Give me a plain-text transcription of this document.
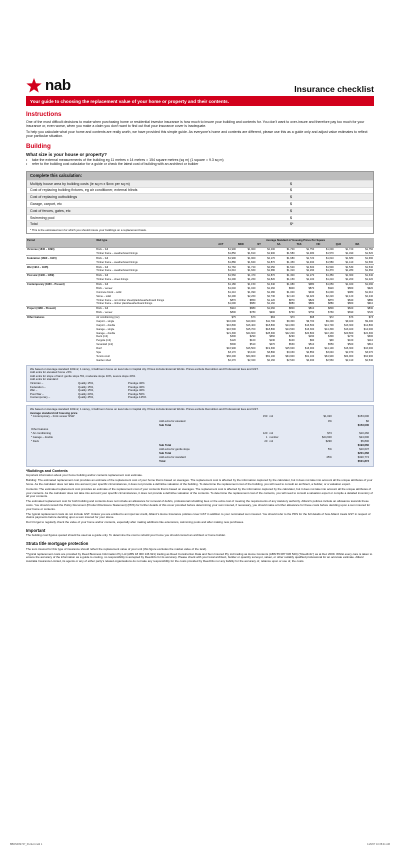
nab	Insurance checklist
Your guide to choosing the replacement value of your home or property and their contents.
Instructions

One of the most difficult decisions to make when purchasing home or residential investor insurance is how much to insure your building and contents for. You don't want to over-insure and therefore pay too much for your insurance or, even worse, when you make a claim you don't want to find out that your insurance cover is inadequate.

To help you calculate what your home and contents are really worth, we have provided this simple guide. As everyone's home and contents are different, please use this as a guide only and adjust value estimates to reflect your particular situation.

Building
What size is your house or property?
•	take the external measurements of the building eg 11 metres x 14 metres = 154 square metres (sq m) (1 square = 9.3 sq m)
•	refer to the building cost calculator for a guide or check the latest cost of building with an architect or builder
Complete this calculation:
Multiply house area by building costs (ie sq m x $xxx per sq m)	$
Cost of replacing building fixtures, eg air conditioner, external blinds	$
Cost of replacing outbuildings	$
Garage, carport, etc	$
Cost of fences, gates, etc	$
Swimming pool	$
Total	$*
* This is the estimated sum for which you should insure your buildings on a replacement basis.
Period	Wall type	Average Standard m² Housing Prices Per Square							
		ACT	NSW	NT	SA	TAS	VIC	QLD	WA
Victorian (1840 – 1890)	Brick – full	$1,990	$1,900	$2,200	$1,700	$1,750	$1,600	$1,720	$1,750
	Timber frame – weatherboard linings	$1,850	$1,810	$1,900	$1,580	$1,480	$1,570	$1,490	$1,520
Federation (1890 – 1915)	Brick – full	$1,990	$1,900	$2,170	$1,680	$1,720	$1,610	$1,680	$1,690
	Timber frame – weatherboard linings	$1,880	$1,840	$1,870	$1,450	$1,490	$1,580	$1,410	$1,500
War (1914 – 1945)	Brick – full	$1,760	$1,720	$2,050	$1,520	$1,600	$1,500	$1,530	$1,540
	Timber frame – weatherboard linings	$1,610	$1,660	$1,680	$1,310	$1,290	$1,370	$1,280	$1,360
Post war (1946 – 1959)	Brick – full	$1,560	$1,470	$1,870	$1,300	$1,270	$1,350	$1,360	$1,340
	Timber frame – sheet linings	$1,290	$1,260	$1,820	$1,150	$1,100	$1,210	$1,200	$1,220
Contemporary (1960 – Present)	Brick – full	$1,180	$1,150	$1,340	$1,080	$980	$1,050	$1,020	$1,090
	Brick – veneer	$1,040	$1,020	$1,260	$900	$870	$920	$860	$920
	Concrete block – solid	$1,210	$1,090	$1,280	$1,000	$940	$1,000	$980	$1,010
	Stone – solid	$2,290	$2,260	$2,730	$2,120	$2,020	$2,220	$2,120	$2,240
	Timber frame – non timber sheet/plank/weatherboard linings	$870	$850	$1,120	$870	$820	$870	$840	$880
	Timber frame – timber plank/weatherboard linings	$1,090	$880	$1,160	$880	$880	$880	$860	$910
Project (1980 – Present)	Brick – full	$910	$880	$1,060	$800	$810	$800	$820	$830
	Brick – veneer	$800	$780	$900	$760	$750	$760	$690	$720
Other features	Air conditioning (rsc)	$75	$73	$84	$73	$68	$72	$73	$73
	Carport – single	$10,000	$10,000	$11,700	$9,300	$9,700	$9,200	$9,400	$9,400
	Carport – double	$16,800	$16,400	$18,800	$14,300	$13,500	$14,700	$13,300	$14,800
	Garage – single	$16,500	$15,700	$18,800	$14,500	$13,300	$14,300	$13,400	$14,000
	Garage – double	$21,300	$24,600	$28,300	$22,200	$20,800	$22,130	$20,800	$22,300
	Deck (m2)	$300	$290	$360	$290	$290	$300	$270	$300
	Pergola (m2)	$120	$100	$130	$100	$90	$90	$100	$110
	Verandah (m2)	$500	$510	$470	$530	$510	$550	$500	$510
	Roof	$16,900	$16,500	$19,300	$15,600	$13,000	$14,100	$16,300	$16,000
	Spa	$3,170	$3,100	$3,890	$3,030	$2,850	$3,040	$2,970	$3,070
	Tennis court	$66,200	$64,900	$81,100	$64,900	$61,100	$64,900	$64,900	$64,900
	Garden shed	$2,270	$2,320	$2,160	$2,540	$2,490	$2,560	$2,410	$2,540
We based on Average standard 100m2, 1 storey, 1 bathroom home on level site in Capital city. Prices include External Works. Prices exclude Demolition and Professional fees and GST.
Add extra for elevated home +5%
Add extra for slope of land: gentle slope 5%, moderate slope 10%, severe slope 20%.
Add extra for standard:
Victorian –	Quality 15%,	Prestige 40%
Federation –	Quality 15%,	Prestige 40%
War –	Quality 15%,	Prestige 40%
Post War –	Quality 20%,	Prestige 50%
Contemporary –	Quality 45%,	Prestige 125%
We based on Average standard 100m2, 1 storey, 1 bathroom home on level site in Capital city. Prices include External Works. Prices exclude Demolition and Professional fees and GST.
Average standard m2 housing price
* Contemporary – brick veneer NSW		150	m2	$1,020	$153,000
	Add extra for elevated			0%	$0
	Sub Total				$153,000
Other features					
* Air conditioning		120	m2	$73	$10,260
* Garage – double		1	number	$24,600	$24,600
* Deck		20	m2	$290	$5,800
	Sub Total				$193,660
	Add extra for gentle slope			5%	$10,637
	Sub Total				$201,266
	Add extra for standard			45%	$320,774
	Total				$521,873
*Buildings and Contents
Important information about your home building and/or contents replacement cost estimate.
Building: The estimated replacement cost provides an estimate of the replacement cost of your home that is based on averages. The replacement cost is affected by the information captured by the calculator, but it does not take into account all the unique attributes of your home. As the calculator does not take into account your specific circumstances, it does not provide a definitive valuation of the building. To determine the replacement cost of the building, you will need to consult an architect, a builder, or a valuation expert.
Contents: The estimated replacement cost provides an estimate of the replacement cost of your contents that is based on averages. The replacement cost is affected by the information captured by the calculator, but it does not take into account all the unique attributes of your contents. As the calculator does not take into account your specific circumstances, it does not provide a definitive valuation of the contents. To determine the replacement cost of the contents, you will need to consult a valuation expert or compile a detailed inventory of all your contents.
The estimated replacement cost for both building and contents does not include an allowance for removal of debris, professional rebuilding fees or the extra cost of meeting the requirements of any statutory authority. Allianz's policies include an allowance towards these costs. You should consult the Policy Document (Product Disclosure Statement) (PDS) for further details of this cover provided before determining your sum insured, if necessary, you should make a further allowance for these costs before deciding upon a sum insured for your home or contents.
The typical replacement costs do not include GST. Unless you are entitled to an input tax credit, Allianz's Home Insurance policies cover GST in addition to your nominated sum insured. You should refer to the PDS for the full details of how Allianz treats GST in respect of claims payments before deciding upon a sum insured for your Home.
Don't forget to regularly check the value of your home and/or contents, especially after making additions like extensions, swimming pools and after making new purchases.
Important
The building cost figures quoted should be used as a guide only. To determine the cost to rebuild your home you should consult an architect or home builder.
Strata title mortgage protection
The sum insured for this type of insurance should reflect the replacement value of your unit (this figure excludes the market value of the land).
*Typical replacement costs are provided by Reed Business Information Pty Ltd (ABN 18 000 146 921) trading as Reed Construction Data and Sum Insured Pty Ltd trading as Home Contents (ABN 55 087 636 520) ("ReedInfo") as at Dec 2009. Whilst every care is taken to ensure the accuracy of the information as a guide to costing, no responsibility is accepted by ReedInfo for its accuracy. Please check with your local architect, builder or quantity surveyor, valuer, or other suitably qualified professional for an accurate estimate. Allianz Australia Insurance Limited, its agents or any of either party's related organisations do not take any responsibility for the costs provided by ReedInfo nor any liability for the accuracy of, reliance upon or use of, the costs.
BBDNIFM747_Perfect.indd 1	11/6/07 10:38:41 AM
